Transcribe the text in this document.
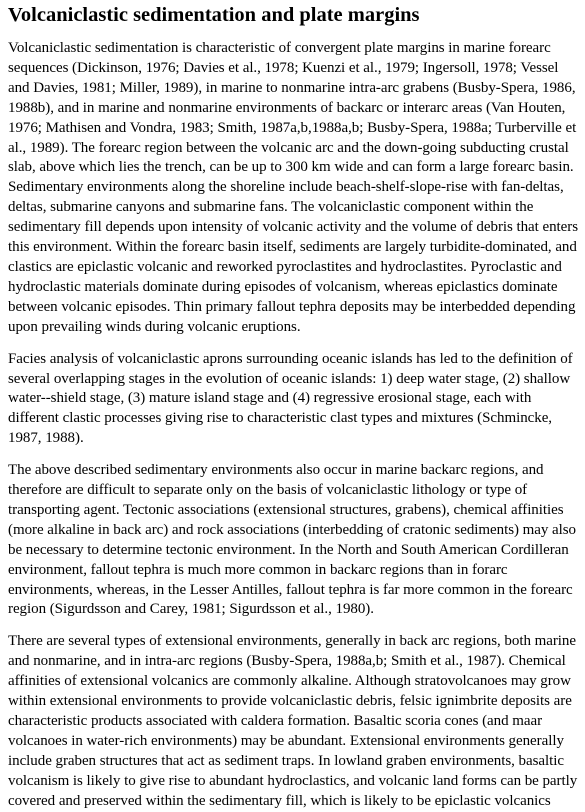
Volcaniclastic sedimentation and plate margins

Volcaniclastic sedimentation is characteristic of convergent plate margins in marine forearc sequences (Dickinson, 1976; Davies et al., 1978; Kuenzi et al., 1979; Ingersoll, 1978; Vessel and Davies, 1981; Miller, 1989), in marine to nonmarine intra-arc grabens (Busby-Spera, 1986, 1988b), and in marine and nonmarine environments of backarc or interarc areas (Van Houten, 1976; Mathisen and Vondra, 1983; Smith, 1987a,b,1988a,b; Busby-Spera, 1988a; Turberville et al., 1989). The forearc region between the volcanic arc and the down-going subducting crustal slab, above which lies the trench, can be up to 300 km wide and can form a large forearc basin. Sedimentary environments along the shoreline include beach-shelf-slope-rise with fan-deltas, deltas, submarine canyons and submarine fans. The volcaniclastic component within the sedimentary fill depends upon intensity of volcanic activity and the volume of debris that enters this environment. Within the forearc basin itself, sediments are largely turbidite-dominated, and clastics are epiclastic volcanic and reworked pyroclastites and hydroclastites. Pyroclastic and hydroclastic materials dominate during episodes of volcanism, whereas epiclastics dominate between volcanic episodes. Thin primary fallout tephra deposits may be interbedded depending upon prevailing winds during volcanic eruptions.

Facies analysis of volcaniclastic aprons surrounding oceanic islands has led to the definition of several overlapping stages in the evolution of oceanic islands: 1) deep water stage, (2) shallow water--shield stage, (3) mature island stage and (4) regressive erosional stage, each with different clastic processes giving rise to characteristic clast types and mixtures (Schmincke, 1987, 1988).

The above described sedimentary environments also occur in marine backarc regions, and therefore are difficult to separate only on the basis of volcaniclastic lithology or type of transporting agent. Tectonic associations (extensional structures, grabens), chemical affinities (more alkaline in back arc) and rock associations (interbedding of cratonic sediments) may also be necessary to determine tectonic environment. In the North and South American Cordilleran environment, fallout tephra is much more common in backarc regions than in forarc environments, whereas, in the Lesser Antilles, fallout tephra is far more common in the forearc region (Sigurdsson and Carey, 1981; Sigurdsson et al., 1980).

There are several types of extensional environments, generally in back arc regions, both marine and nonmarine, and in intra-arc regions (Busby-Spera, 1988a,b; Smith et al., 1987). Chemical affinities of extensional volcanics are commonly alkaline. Although stratovolcanoes may grow within extensional environments to provide volcaniclastic debris, felsic ignimbrite deposits are characteristic products associated with caldera formation. Basaltic scoria cones (and maar volcanoes in water-rich environments) may be abundant. Extensional environments generally include graben structures that act as sediment traps. In lowland graben environments, basaltic volcanism is likely to give rise to abundant hydroclastics, and volcanic land forms can be partly covered and preserved within the sedimentary fill, which is likely to be epiclastic volcanics
